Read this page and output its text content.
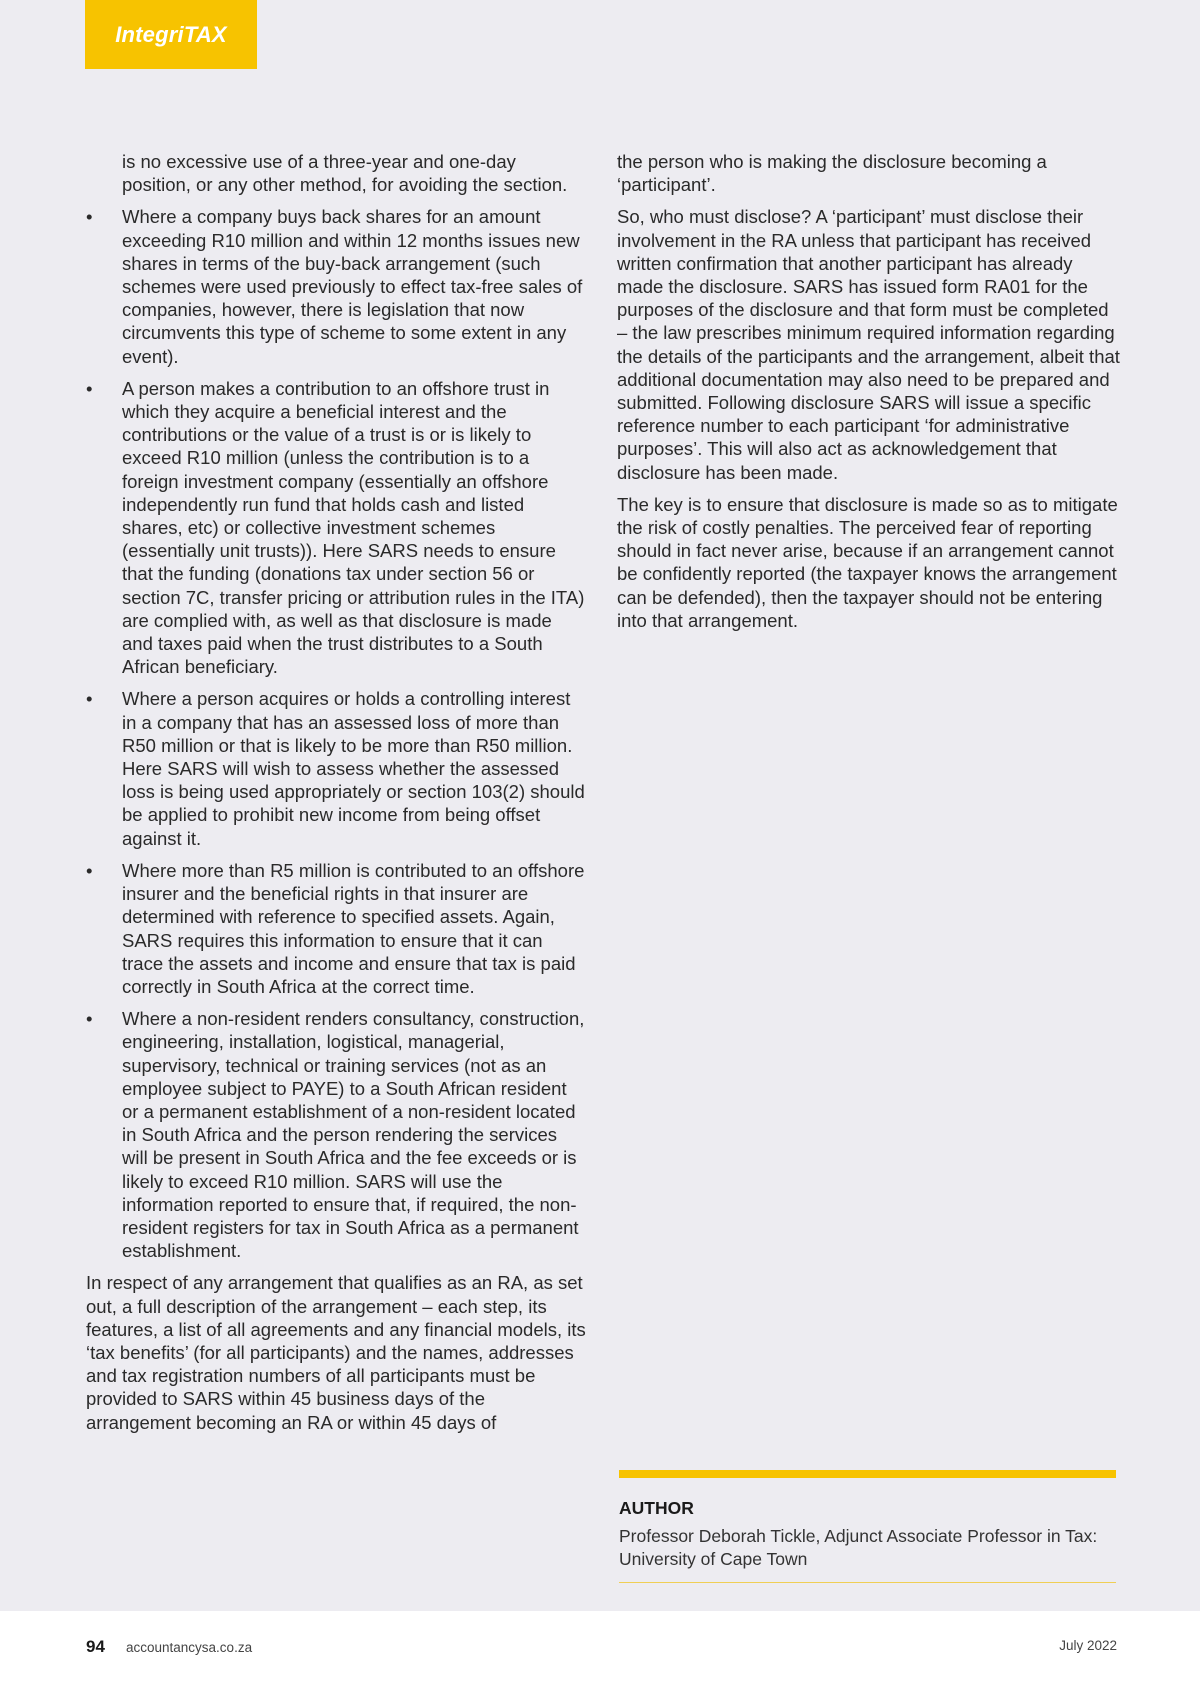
IntegriTAX

is no excessive use of a three-year and one-day position, or any other method, for avoiding the section.

• Where a company buys back shares for an amount exceeding R10 million and within 12 months issues new shares in terms of the buy-back arrangement (such schemes were used previously to effect tax-free sales of companies, however, there is legislation that now circumvents this type of scheme to some extent in any event).
• A person makes a contribution to an offshore trust in which they acquire a beneficial interest and the contributions or the value of a trust is or is likely to exceed R10 million (unless the contribution is to a foreign investment company (essentially an offshore independently run fund that holds cash and listed shares, etc) or collective investment schemes (essentially unit trusts)). Here SARS needs to ensure that the funding (donations tax under section 56 or section 7C, transfer pricing or attribution rules in the ITA) are complied with, as well as that disclosure is made and taxes paid when the trust distributes to a South African beneficiary.
• Where a person acquires or holds a controlling interest in a company that has an assessed loss of more than R50 million or that is likely to be more than R50 million. Here SARS will wish to assess whether the assessed loss is being used appropriately or section 103(2) should be applied to prohibit new income from being offset against it.
• Where more than R5 million is contributed to an offshore insurer and the beneficial rights in that insurer are determined with reference to specified assets. Again, SARS requires this information to ensure that it can trace the assets and income and ensure that tax is paid correctly in South Africa at the correct time.
• Where a non-resident renders consultancy, construction, engineering, installation, logistical, managerial, supervisory, technical or training services (not as an employee subject to PAYE) to a South African resident or a permanent establishment of a non-resident located in South Africa and the person rendering the services will be present in South Africa and the fee exceeds or is likely to exceed R10 million. SARS will use the information reported to ensure that, if required, the non-resident registers for tax in South Africa as a permanent establishment.

In respect of any arrangement that qualifies as an RA, as set out, a full description of the arrangement – each step, its features, a list of all agreements and any financial models, its ‘tax benefits’ (for all participants) and the names, addresses and tax registration numbers of all participants must be provided to SARS within 45 business days of the arrangement becoming an RA or within 45 days of

the person who is making the disclosure becoming a ‘participant’.

So, who must disclose? A ‘participant’ must disclose their involvement in the RA unless that participant has received written confirmation that another participant has already made the disclosure. SARS has issued form RA01 for the purposes of the disclosure and that form must be completed – the law prescribes minimum required information regarding the details of the participants and the arrangement, albeit that additional documentation may also need to be prepared and submitted. Following disclosure SARS will issue a specific reference number to each participant ‘for administrative purposes’. This will also act as acknowledgement that disclosure has been made.

The key is to ensure that disclosure is made so as to mitigate the risk of costly penalties. The perceived fear of reporting should in fact never arise, because if an arrangement cannot be confidently reported (the taxpayer knows the arrangement can be defended), then the taxpayer should not be entering into that arrangement.

AUTHOR
Professor Deborah Tickle, Adjunct Associate Professor in Tax:
University of Cape Town
94 accountancysa.co.za	July 2022
